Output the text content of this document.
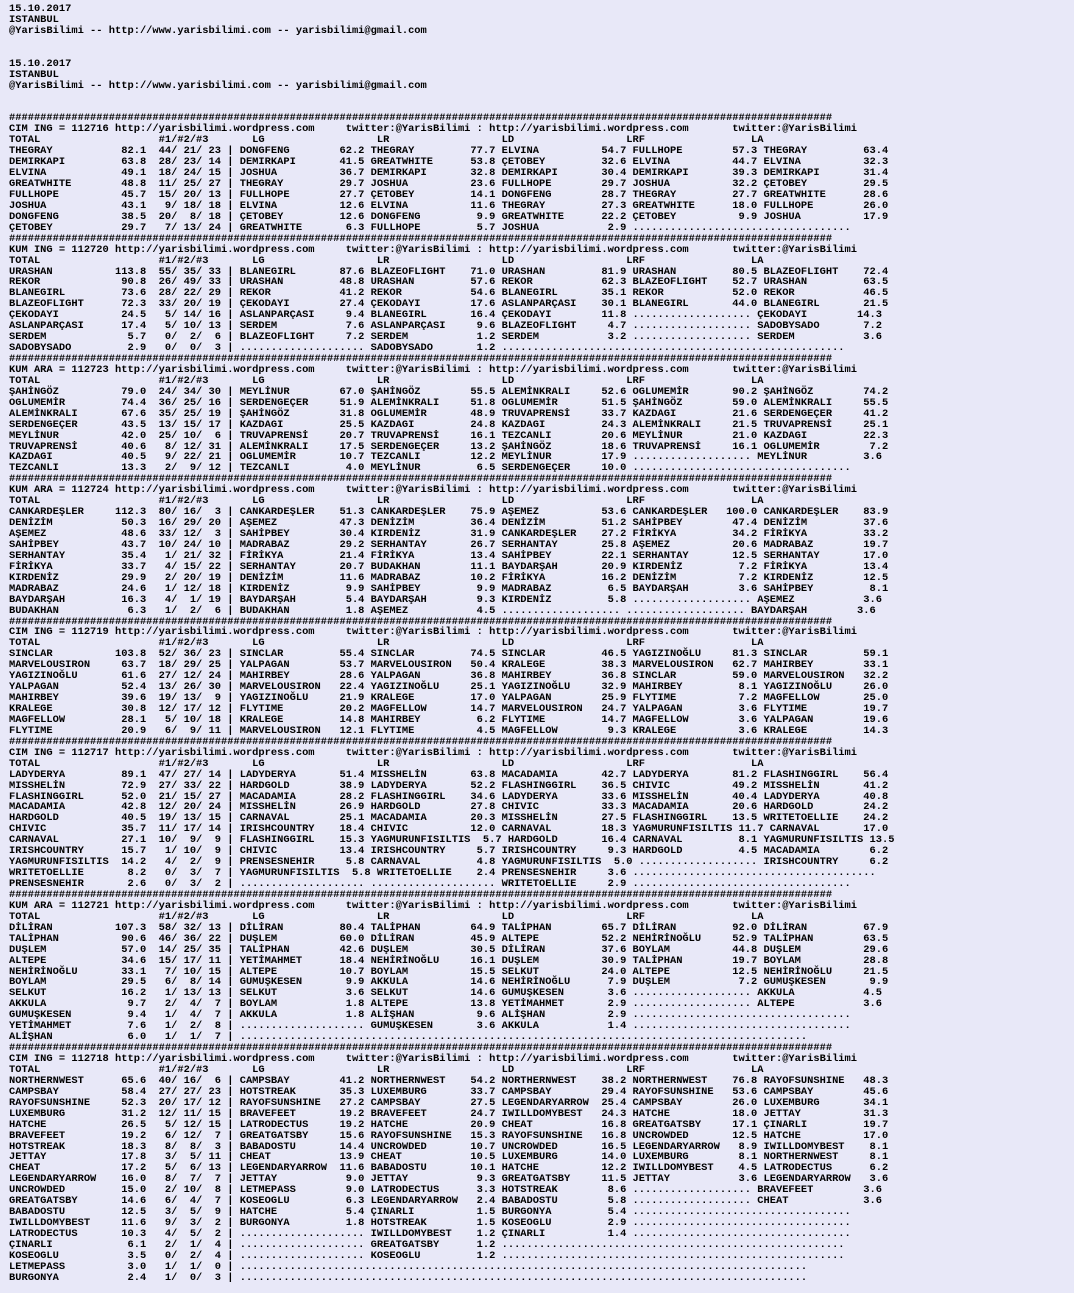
15.10.2017
ISTANBUL
@YarisBilimi -- http://www.yarisbilimi.com -- yarisbilimi@gmail.com
15.10.2017
ISTANBUL
@YarisBilimi -- http://www.yarisbilimi.com -- yarisbilimi@gmail.com
####################################################################################################################################
CIM ING = 112716 http://yarisbilimi.wordpress.com     twitter:@YarisBilimi : http://yarisbilimi.wordpress.com       twitter:@YarisBilimi
TOTAL                   #1/#2/#3       LG                  LR                  LD                  LRF                 LA
THEGRAY           82.1  44/ 21/ 23 | DONGFENG        62.2 THEGRAY         77.7 ELVINA          54.7 FULLHOPE        57.3 THEGRAY         63.4
DEMIRKAPI         63.8  28/ 23/ 14 | DEMIRKAPI       41.5 GREATWHITE      53.8 ÇETOBEY         32.6 ELVINA          44.7 ELVINA          32.3
ELVINA            49.1  18/ 24/ 15 | JOSHUA          36.7 DEMIRKAPI       32.8 DEMIRKAPI       30.4 DEMIRKAPI       39.3 DEMIRKAPI       31.4
GREATWHITE        48.8  11/ 25/ 27 | THEGRAY         29.7 JOSHUA          23.6 FULLHOPE        29.7 JOSHUA          32.2 ÇETOBEY         29.5
FULLHOPE          45.7  15/ 20/ 13 | FULLHOPE        27.7 ÇETOBEY         14.1 DONGFENG        28.7 THEGRAY         27.7 GREATWHITE      28.6
JOSHUA            43.1   9/ 18/ 18 | ELVINA          12.6 ELVINA          11.6 THEGRAY         27.3 GREATWHITE      18.0 FULLHOPE        26.0
DONGFENG          38.5  20/  8/ 18 | ÇETOBEY         12.6 DONGFENG         9.9 GREATWHITE      22.2 ÇETOBEY          9.9 JOSHUA          17.9
ÇETOBEY           29.7   7/ 13/ 24 | GREATWHITE       6.3 FULLHOPE         5.7 JOSHUA           2.9 ...................................
####################################################################################################################################
KUM ING = 112720 http://yarisbilimi.wordpress.com     twitter:@YarisBilimi : http://yarisbilimi.wordpress.com       twitter:@YarisBilimi
TOTAL                   #1/#2/#3       LG                  LR                  LD                  LRF                 LA
URASHAN          113.8  55/ 35/ 33 | BLANEGIRL       87.6 BLAZEOFLIGHT    71.0 URASHAN         81.9 URASHAN         80.5 BLAZEOFLIGHT    72.4
REKOR             90.8  26/ 49/ 33 | URASHAN         48.8 URASHAN         57.6 REKOR           62.3 BLAZEOFLIGHT    52.7 URASHAN         63.5
BLANEGIRL         73.6  28/ 22/ 29 | REKOR           41.2 REKOR           54.6 BLANEGIRL       35.1 REKOR           52.0 REKOR           46.5
BLAZEOFLIGHT      72.3  33/ 20/ 19 | ÇEKODAYI        27.4 ÇEKODAYI        17.6 ASLANPARÇASI    30.1 BLANEGIRL       44.0 BLANEGIRL       21.5
ÇEKODAYI          24.5   5/ 14/ 16 | ASLANPARÇASI     9.4 BLANEGIRL       16.4 ÇEKODAYI        11.8 ................... ÇEKODAYI        14.3
ASLANPARÇASI      17.4   5/ 10/ 13 | SERDEM           7.6 ASLANPARÇASI     9.6 BLAZEOFLIGHT     4.7 ................... SADOBYSADO       7.2
SERDEM             5.7   0/  2/  6 | BLAZEOFLIGHT     7.2 SERDEM           1.2 SERDEM           3.2 ................... SERDEM           3.6
SADOBYSADO         2.9   0/  0/  3 | .................... SADOBYSADO       1.2 .......................................................
####################################################################################################################################
KUM ARA = 112723 http://yarisbilimi.wordpress.com     twitter:@YarisBilimi : http://yarisbilimi.wordpress.com       twitter:@YarisBilimi
TOTAL                   #1/#2/#3       LG                  LR                  LD                  LRF                 LA
ŞAHİNGÖZ          79.0  24/ 34/ 30 | MEYLİNUR        67.0 ŞAHİNGÖZ        55.5 ALEMİNKRALI     52.6 OGLUMEMİR       90.2 ŞAHİNGÖZ        74.2
OGLUMEMİR         74.4  36/ 25/ 16 | SERDENGEÇER     51.9 ALEMİNKRALI     51.8 OGLUMEMİR       51.5 ŞAHİNGÖZ        59.0 ALEMİNKRALI     55.5
ALEMİNKRALI       67.6  35/ 25/ 19 | ŞAHİNGÖZ        31.8 OGLUMEMİR       48.9 TRUVAPRENSİ     33.7 KAZDAGI         21.6 SERDENGEÇER     41.2
SERDENGEÇER       43.5  13/ 15/ 17 | KAZDAGI         25.5 KAZDAGI         24.8 KAZDAGI         24.3 ALEMİNKRALI     21.5 TRUVAPRENSİ     25.1
MEYLİNUR          42.0  25/ 10/  6 | TRUVAPRENSİ     20.7 TRUVAPRENSİ     16.1 TEZCANLI        20.6 MEYLİNUR        21.0 KAZDAGI         22.3
TRUVAPRENSİ       40.6   8/ 12/ 31 | ALEMİNKRALI     17.5 SERDENGEÇER     13.2 ŞAHİNGÖZ        18.6 TRUVAPRENSİ     16.1 OGLUMEMİR        7.2
KAZDAGI           40.5   9/ 22/ 21 | OGLUMEMİR       10.7 TEZCANLI        12.2 MEYLİNUR        17.9 ................... MEYLİNUR         3.6
TEZCANLI          13.3   2/  9/ 12 | TEZCANLI         4.0 MEYLİNUR         6.5 SERDENGEÇER     10.0 ...................................
####################################################################################################################################
KUM ARA = 112724 http://yarisbilimi.wordpress.com     twitter:@YarisBilimi : http://yarisbilimi.wordpress.com       twitter:@YarisBilimi
TOTAL                   #1/#2/#3       LG                  LR                  LD                  LRF                 LA
CANKARDEŞLER     112.3  80/ 16/  3 | CANKARDEŞLER    51.3 CANKARDEŞLER    75.9 AŞEMEZ          53.6 CANKARDEŞLER   100.0 CANKARDEŞLER    83.9
DENİZİM           50.3  16/ 29/ 20 | AŞEMEZ          47.3 DENİZİM         36.4 DENİZİM         51.2 SAHİPBEY        47.4 DENİZİM         37.6
AŞEMEZ            48.6  33/ 12/  3 | SAHİPBEY        30.4 KIRDENİZ        31.9 CANKARDEŞLER    27.2 FİRİKYA         34.2 FİRİKYA         33.2
SAHİPBEY          43.7  10/ 24/ 10 | MADRABAZ        29.2 SERHANTAY       26.7 SERHANTAY       25.8 AŞEMEZ          20.6 MADRABAZ        19.7
SERHANTAY         35.4   1/ 21/ 32 | FİRİKYA         21.4 FİRİKYA         13.4 SAHİPBEY        22.1 SERHANTAY       12.5 SERHANTAY       17.0
FİRİKYA           33.7   4/ 15/ 22 | SERHANTAY       20.7 BUDAKHAN        11.1 BAYDARŞAH       20.9 KIRDENİZ         7.2 FİRİKYA         13.4
KIRDENİZ          29.9   2/ 20/ 19 | DENİZİM         11.6 MADRABAZ        10.2 FİRİKYA         16.2 DENİZİM          7.2 KIRDENİZ        12.5
MADRABAZ          24.6   1/ 12/ 18 | KIRDENİZ         9.9 SAHİPBEY         9.9 MADRABAZ         6.5 BAYDARŞAH        3.6 SAHİPBEY         8.1
BAYDARŞAH         16.3   4/  1/ 19 | BAYDARŞAH        5.4 BAYDARŞAH        9.3 KIRDENİZ         5.8 ................... AŞEMEZ           3.6
BUDAKHAN           6.3   1/  2/  6 | BUDAKHAN         1.8 AŞEMEZ           4.5 ................... ................... BAYDARŞAH        3.6
####################################################################################################################################
CIM ING = 112719 http://yarisbilimi.wordpress.com     twitter:@YarisBilimi : http://yarisbilimi.wordpress.com       twitter:@YarisBilimi
TOTAL                   #1/#2/#3       LG                  LR                  LD                  LRF                 LA
SINCLAR          103.8  52/ 36/ 23 | SINCLAR         55.4 SINCLAR         74.5 SINCLAR         46.5 YAGIZINOĞLU     81.3 SINCLAR         59.1
MARVELOUSIRON     63.7  18/ 29/ 25 | YALPAGAN        53.7 MARVELOUSIRON   50.4 KRALEGE         38.3 MARVELOUSIRON   62.7 MAHIRBEY        33.1
YAGIZINOĞLU       61.6  27/ 12/ 24 | MAHIRBEY        28.6 YALPAGAN        36.8 MAHIRBEY        36.8 SINCLAR         59.0 MARVELOUSIRON   32.2
YALPAGAN          52.4  13/ 26/ 30 | MARVELOUSIRON   22.4 YAGIZINOĞLU     25.1 YAGIZINOĞLU     32.9 MAHIRBEY         8.1 YAGIZINOĞLU     26.0
MAHIRBEY          39.6  19/ 13/  9 | YAGIZINOĞLU     21.9 KRALEGE         17.0 YALPAGAN        25.9 FLYTIME          7.2 MAGFELLOW       25.0
KRALEGE           30.8  12/ 17/ 12 | FLYTIME         20.2 MAGFELLOW       14.7 MARVELOUSIRON   24.7 YALPAGAN         3.6 FLYTIME         19.7
MAGFELLOW         28.1   5/ 10/ 18 | KRALEGE         14.8 MAHIRBEY         6.2 FLYTIME         14.7 MAGFELLOW        3.6 YALPAGAN        19.6
FLYTIME           20.9   6/  9/ 11 | MARVELOUSIRON   12.1 FLYTIME          4.5 MAGFELLOW        9.3 KRALEGE          3.6 KRALEGE         14.3
####################################################################################################################################
CIM ING = 112717 http://yarisbilimi.wordpress.com     twitter:@YarisBilimi : http://yarisbilimi.wordpress.com       twitter:@YarisBilimi
TOTAL                   #1/#2/#3       LG                  LR                  LD                  LRF                 LA
LADYDERYA         89.1  47/ 27/ 14 | LADYDERYA       51.4 MISSHELİN       63.8 MACADAMIA       42.7 LADYDERYA       81.2 FLASHINGGIRL    56.4
MISSHELİN         72.9  27/ 33/ 22 | HARDGOLD        38.9 LADYDERYA       52.2 FLASHINGGIRL    36.5 CHIVIC          49.2 MISSHELİN       41.2
FLASHINGGIRL      52.0  21/ 15/ 27 | MACADAMIA       28.2 FLASHINGGIRL    34.6 LADYDERYA       33.6 MISSHELİN       40.4 LADYDERYA       40.8
MACADAMIA         42.8  12/ 20/ 24 | MISSHELİN       26.9 HARDGOLD        27.8 CHIVIC          33.3 MACADAMIA       20.6 HARDGOLD        24.2
HARDGOLD          40.5  19/ 13/ 15 | CARNAVAL        25.1 MACADAMIA       20.3 MISSHELİN       27.5 FLASHINGGIRL    13.5 WRITETOELLIE    24.2
CHIVIC            35.7  11/ 17/ 14 | IRISHCOUNTRY    18.4 CHIVIC          12.0 CARNAVAL        18.3 YAGMURUNFISILTIS 11.7 CARNAVAL       17.0
CARNAVAL          27.1  10/  9/  9 | FLASHINGGIRL    15.3 YAGMURUNFISILTIS  5.7 HARDGOLD       16.4 CARNAVAL         8.1 YAGMURUNFISILTIS 13.5
IRISHCOUNTRY      15.7   1/ 10/  9 | CHIVIC          13.4 IRISHCOUNTRY     5.7 IRISHCOUNTRY     9.3 HARDGOLD         4.5 MACADAMIA        6.2
YAGMURUNFISILTIS  14.2   4/  2/  9 | PRENSESNEHIR     5.8 CARNAVAL         4.8 YAGMURUNFISILTIS  5.0 ................... IRISHCOUNTRY     6.2
WRITETOELLIE       8.2   0/  3/  7 | YAGMURUNFISILTIS  5.8 WRITETOELLIE    2.4 PRENSESNEHIR     3.6 .......................................
PRENSESNEHIR       2.6   0/  3/  2 | .................... .................... WRITETOELLIE     2.9 ...................................
####################################################################################################################################
KUM ARA = 112721 http://yarisbilimi.wordpress.com     twitter:@YarisBilimi : http://yarisbilimi.wordpress.com       twitter:@YarisBilimi
TOTAL                   #1/#2/#3       LG                  LR                  LD                  LRF                 LA
DİLİRAN          107.3  58/ 32/ 13 | DİLİRAN         80.4 TALİPHAN        64.9 TALİPHAN        65.7 DİLİRAN         92.0 DİLİRAN         67.9
TALİPHAN          90.6  46/ 36/ 22 | DUŞLEM          60.0 DİLİRAN         45.9 ALTEPE          52.2 NEHİRİNOĞLU     52.9 TALİPHAN        63.5
DUŞLEM            57.0  14/ 25/ 35 | TALİPHAN        42.6 DUŞLEM          30.5 DİLİRAN         37.6 BOYLAM          44.8 DUŞLEM          29.6
ALTEPE            34.6  15/ 17/ 11 | YETİMAHMET      18.4 NEHİRİNOĞLU     16.1 DUŞLEM          30.9 TALİPHAN        19.7 BOYLAM          28.8
NEHİRİNOĞLU       33.1   7/ 10/ 15 | ALTEPE          10.7 BOYLAM          15.5 SELKUT          24.0 ALTEPE          12.5 NEHİRİNOĞLU     21.5
BOYLAM            29.5   6/  8/ 14 | GUMUŞKESEN       9.9 AKKULA          14.6 NEHİRİNOĞLU      7.9 DUŞLEM           7.2 GUMUŞKESEN       9.9
SELKUT            16.2   1/ 13/ 13 | SELKUT           3.6 SELKUT          14.6 GUMUŞKESEN       3.6 ................... AKKULA           4.5
AKKULA             9.7   2/  4/  7 | BOYLAM           1.8 ALTEPE          13.8 YETİMAHMET       2.9 ................... ALTEPE           3.6
GUMUŞKESEN         9.4   1/  4/  7 | AKKULA           1.8 ALİŞHAN          9.6 ALİŞHAN          2.9 ...................................
YETİMAHMET         7.6   1/  2/  8 | .................... GUMUŞKESEN       3.6 AKKULA           1.4 ...................................
ALİŞHAN            6.0   1/  1/  7 | ...........................................................................................
####################################################################################################################################
CIM ING = 112718 http://yarisbilimi.wordpress.com     twitter:@YarisBilimi : http://yarisbilimi.wordpress.com       twitter:@YarisBilimi
TOTAL                   #1/#2/#3       LG                  LR                  LD                  LRF                 LA
NORTHERNWEST      65.6  40/ 16/  6 | CAMPSBAY        41.2 NORTHERNWEST    54.2 NORTHERNWEST    38.2 NORTHERNWEST    76.8 RAYOFSUNSHINE   48.3
CAMPSBAY          58.4  27/ 27/ 23 | HOTSTREAK       35.3 LUXEMBURG       33.7 CAMPSBAY        29.4 RAYOFSUNSHINE   53.6 CAMPSBAY        45.6
RAYOFSUNSHINE     52.3  20/ 17/ 12 | RAYOFSUNSHINE   27.2 CAMPSBAY        27.5 LEGENDARYARROW  25.4 CAMPSBAY        26.0 LUXEMBURG       34.1
LUXEMBURG         31.2  12/ 11/ 15 | BRAVEFEET       19.2 BRAVEFEET       24.7 IWILLDOMYBEST   24.3 HATCHE          18.0 JETTAY          31.3
HATCHE            26.5   5/ 12/ 15 | LATRODECTUS     19.2 HATCHE          20.9 CHEAT           16.8 GREATGATSBY     17.1 ÇINARLI         19.7
BRAVEFEET         19.2   6/ 12/  7 | GREATGATSBY     15.6 RAYOFSUNSHINE   15.3 RAYOFSUNSHINE   16.8 UNCROWDED       12.5 HATCHE          17.0
HOTSTREAK         18.3   8/  8/  3 | BABADOSTU       14.4 UNCROWDED       10.7 UNCROWDED       16.5 LEGENDARYARROW   8.9 IWILLDOMYBEST    8.1
JETTAY            17.8   3/  5/ 11 | CHEAT           13.9 CHEAT           10.5 LUXEMBURG       14.0 LUXEMBURG        8.1 NORTHERNWEST     8.1
CHEAT             17.2   5/  6/ 13 | LEGENDARYARROW  11.6 BABADOSTU       10.1 HATCHE          12.2 IWILLDOMYBEST    4.5 LATRODECTUS      6.2
LEGENDARYARROW    16.0   8/  7/  7 | JETTAY           9.0 JETTAY           9.3 GREATGATSBY     11.5 JETTAY           3.6 LEGENDARYARROW   3.6
UNCROWDED         15.0   2/ 10/  8 | LETMEPASS        9.0 LATRODECTUS      3.3 HOTSTREAK        8.6 ................... BRAVEFEET        3.6
GREATGATSBY       14.6   6/  4/  7 | KOSEOGLU         6.3 LEGENDARYARROW   2.4 BABADOSTU        5.8 ................... CHEAT            3.6
BABADOSTU         12.5   3/  5/  9 | HATCHE           5.4 ÇINARLI          1.5 BURGONYA         5.4 ...................................
IWILLDOMYBEST     11.6   9/  3/  2 | BURGONYA         1.8 HOTSTREAK        1.5 KOSEOGLU         2.9 ...................................
LATRODECTUS       10.3   4/  5/  2 | .................... IWILLDOMYBEST    1.2 ÇINARLI          1.4 ...................................
ÇINARLI            6.1   2/  1/  4 | .................... GREATGATSBY      1.2 .......................................................
KOSEOGLU           3.5   0/  2/  4 | .................... KOSEOGLU         1.2 .......................................................
LETMEPASS          3.0   1/  1/  0 | ...........................................................................................
BURGONYA           2.4   1/  0/  3 | ...........................................................................................
